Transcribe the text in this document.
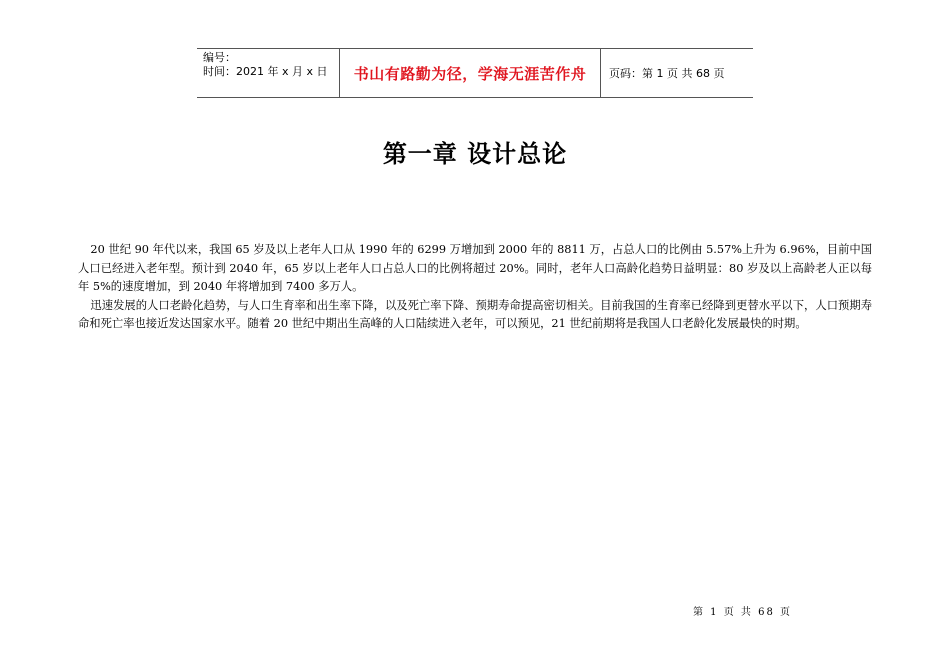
编号：
时间：2021 年 x 月 x 日	书山有路勤为径，学海无涯苦作舟 页码：第 1 页 共 68 页
第一章 设计总论

20 世纪 90 年代以来，我国 65 岁及以上老年人口从 1990 年的 6299 万增加到 2000 年的 8811 万，占总人口的比例由 5.57%上升为 6.96%，目前中国人口已经进入老年型。预计到 2040 年，65 岁以上老年人口占总人口的比例将超过 20%。同时，老年人口高龄化趋势日益明显：80 岁及以上高龄老人正以每年 5%的速度增加，到 2040 年将增加到 7400 多万人。

迅速发展的人口老龄化趋势，与人口生育率和出生率下降，以及死亡率下降、预期寿命提高密切相关。目前我国的生育率已经降到更替水平以下，人口预期寿命和死亡率也接近发达国家水平。随着 20 世纪中期出生高峰的人口陆续进入老年，可以预见，21 世纪前期将是我国人口老龄化发展最快的时期。

第 1 页 共 68 页
